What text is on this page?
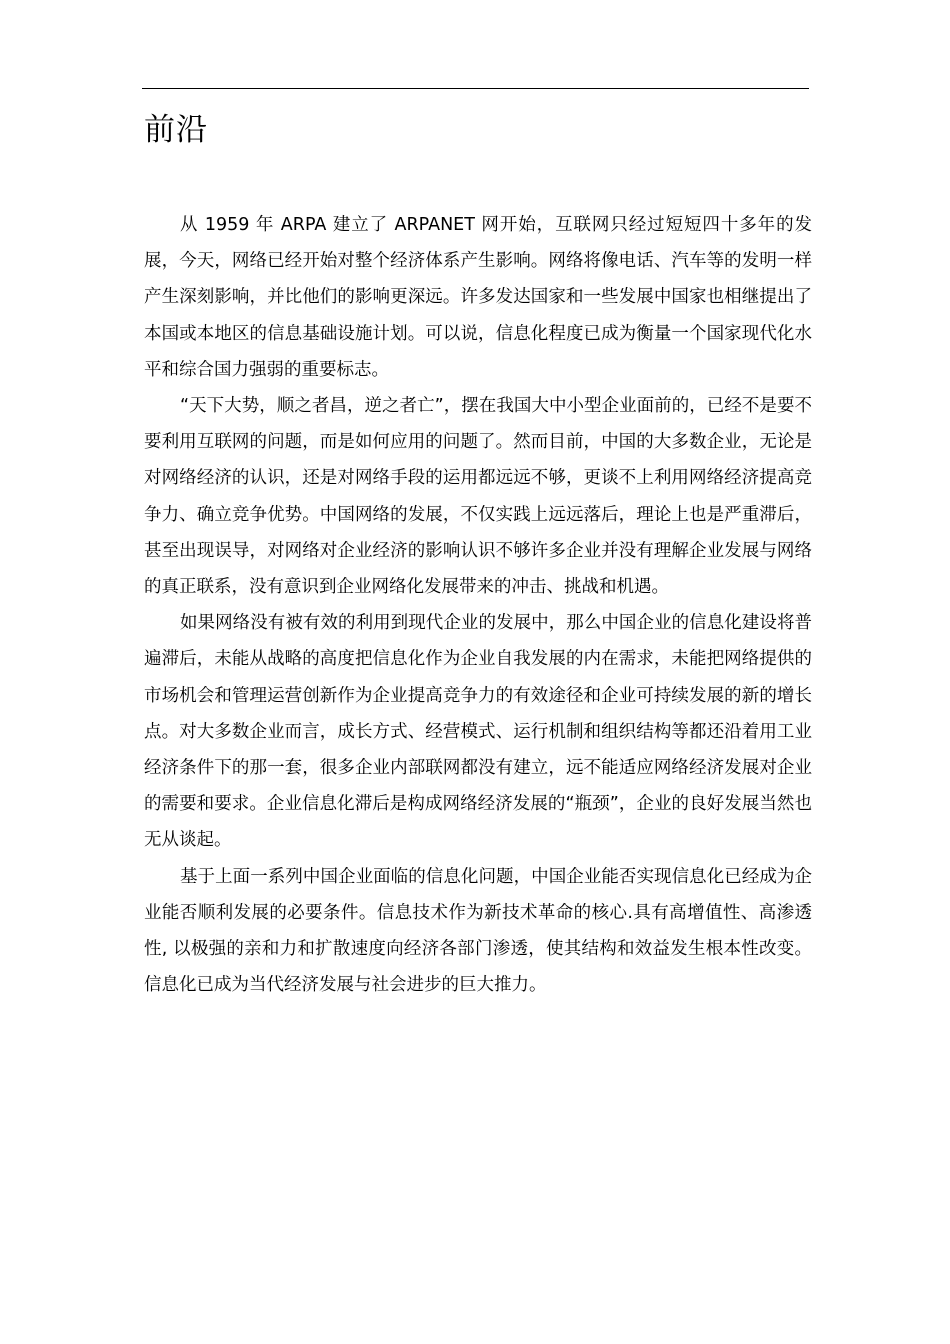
前沿

从 1959 年 ARPA 建立了 ARPANET 网开始，互联网只经过短短四十多年的发展，今天，网络已经开始对整个经济体系产生影响。网络将像电话、汽车等的发明一样产生深刻影响，并比他们的影响更深远。许多发达国家和一些发展中国家也相继提出了本国或本地区的信息基础设施计划。可以说，信息化程度已成为衡量一个国家现代化水平和综合国力强弱的重要标志。

“天下大势，顺之者昌，逆之者亡”，摆在我国大中小型企业面前的，已经不是要不要利用互联网的问题，而是如何应用的问题了。然而目前，中国的大多数企业，无论是对网络经济的认识，还是对网络手段的运用都远远不够，更谈不上利用网络经济提高竞争力、确立竞争优势。中国网络的发展，不仅实践上远远落后，理论上也是严重滞后，甚至出现误导，对网络对企业经济的影响认识不够许多企业并没有理解企业发展与网络的真正联系，没有意识到企业网络化发展带来的冲击、挑战和机遇。

如果网络没有被有效的利用到现代企业的发展中，那么中国企业的信息化建设将普遍滞后，未能从战略的高度把信息化作为企业自我发展的内在需求，未能把网络提供的市场机会和管理运营创新作为企业提高竞争力的有效途径和企业可持续发展的新的增长点。对大多数企业而言，成长方式、经营模式、运行机制和组织结构等都还沿着用工业经济条件下的那一套，很多企业内部联网都没有建立，远不能适应网络经济发展对企业的需要和要求。企业信息化滞后是构成网络经济发展的“瓶颈”，企业的良好发展当然也无从谈起。

基于上面一系列中国企业面临的信息化问题，中国企业能否实现信息化已经成为企业能否顺利发展的必要条件。信息技术作为新技术革命的核心.具有高增值性、高渗透性, 以极强的亲和力和扩散速度向经济各部门渗透，使其结构和效益发生根本性改变。信息化已成为当代经济发展与社会进步的巨大推力。
